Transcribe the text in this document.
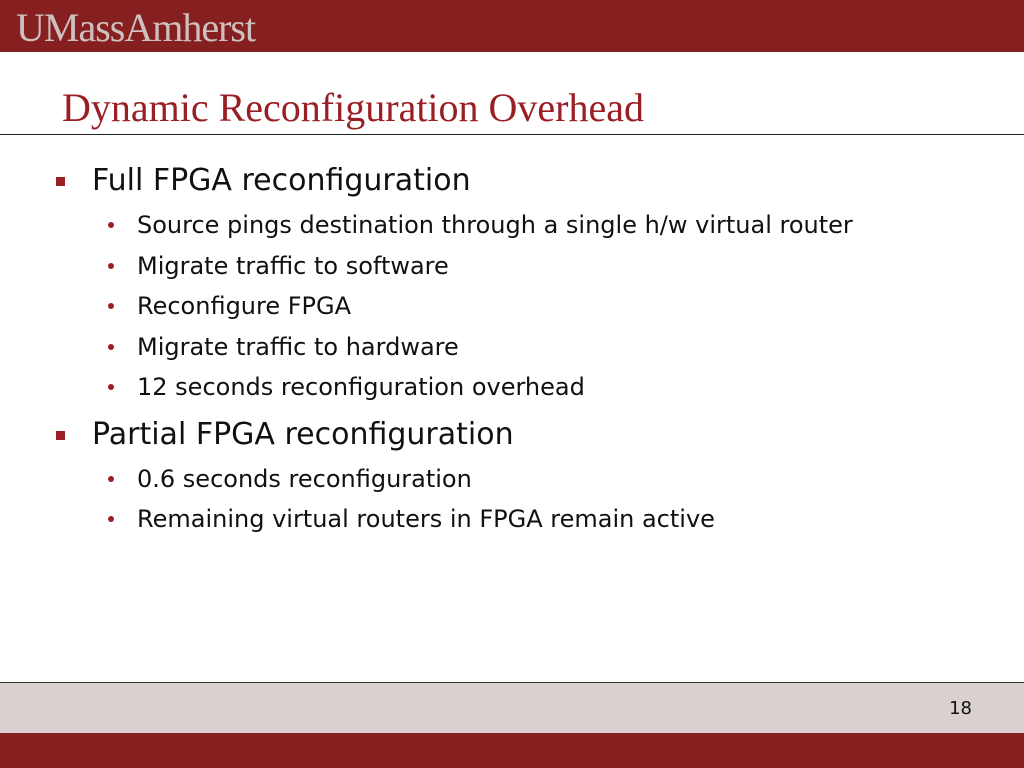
UMassAmherst
Dynamic Reconfiguration Overhead
Full FPGA reconfiguration
Source pings destination through a single h/w virtual router
Migrate traffic to software
Reconfigure FPGA
Migrate traffic to hardware
12 seconds reconfiguration overhead
Partial FPGA reconfiguration
0.6 seconds reconfiguration
Remaining virtual routers in FPGA remain active
18
